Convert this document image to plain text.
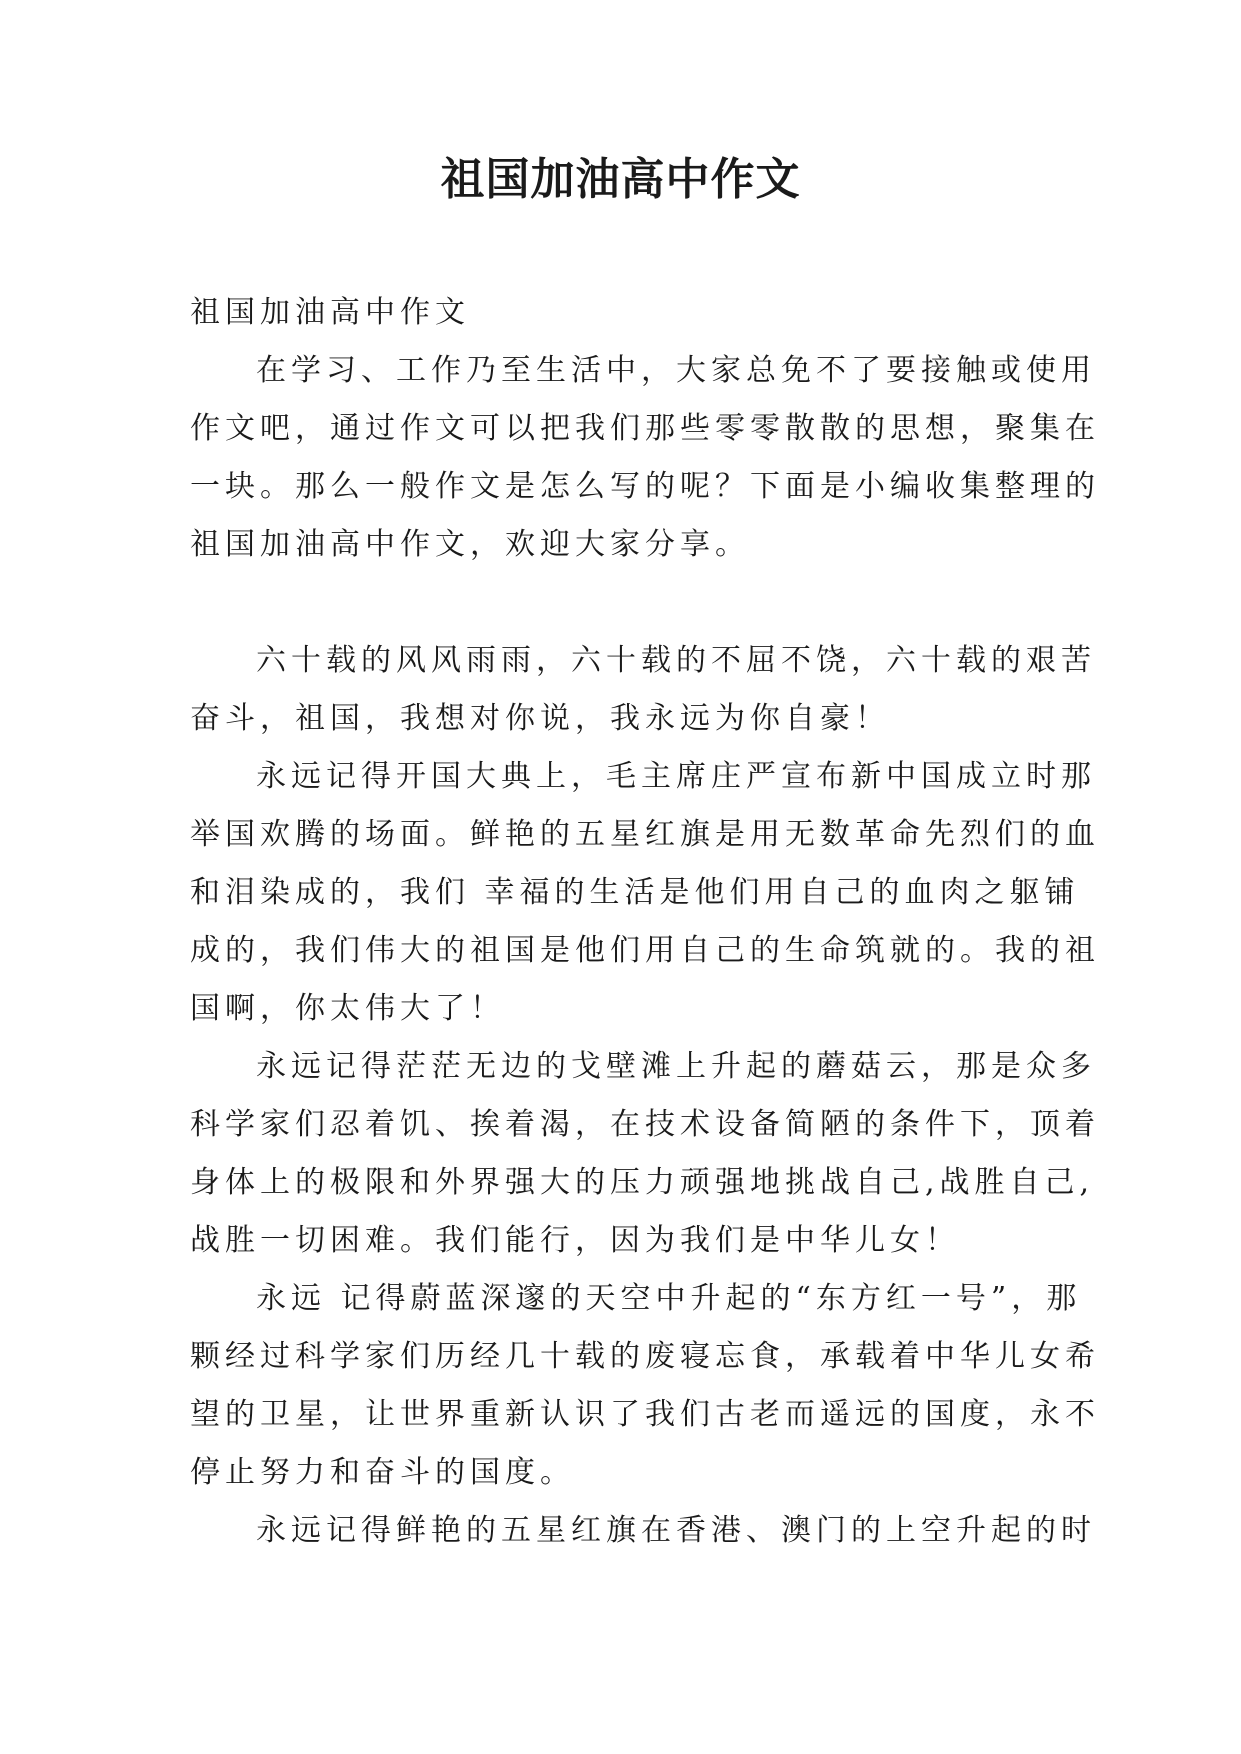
祖国加油高中作文
祖国加油高中作文
在学习、工作乃至生活中，大家总免不了要接触或使用
作文吧，通过作文可以把我们那些零零散散的思想，聚集在
一块。那么一般作文是怎么写的呢？下面是小编收集整理的
祖国加油高中作文，欢迎大家分享。
六十载的风风雨雨，六十载的不屈不饶，六十载的艰苦
奋斗，祖国，我想对你说，我永远为你自豪！
永远记得开国大典上，毛主席庄严宣布新中国成立时那
举国欢腾的场面。鲜艳的五星红旗是用无数革命先烈们的血
和泪染成的，我们 幸福的生活是他们用自己的血肉之躯铺
成的，我们伟大的祖国是他们用自己的生命筑就的。我的祖
国啊，你太伟大了！
永远记得茫茫无边的戈壁滩上升起的蘑菇云，那是众多
科学家们忍着饥、挨着渴，在技术设备简陋的条件下，顶着
身体上的极限和外界强大的压力顽强地挑战自己,战胜自己,
战胜一切困难。我们能行，因为我们是中华儿女！
永远 记得蔚蓝深邃的天空中升起的“东方红一号”，那
颗经过科学家们历经几十载的废寝忘食，承载着中华儿女希
望的卫星，让世界重新认识了我们古老而遥远的国度，永不
停止努力和奋斗的国度。
永远记得鲜艳的五星红旗在香港、澳门的上空升起的时
